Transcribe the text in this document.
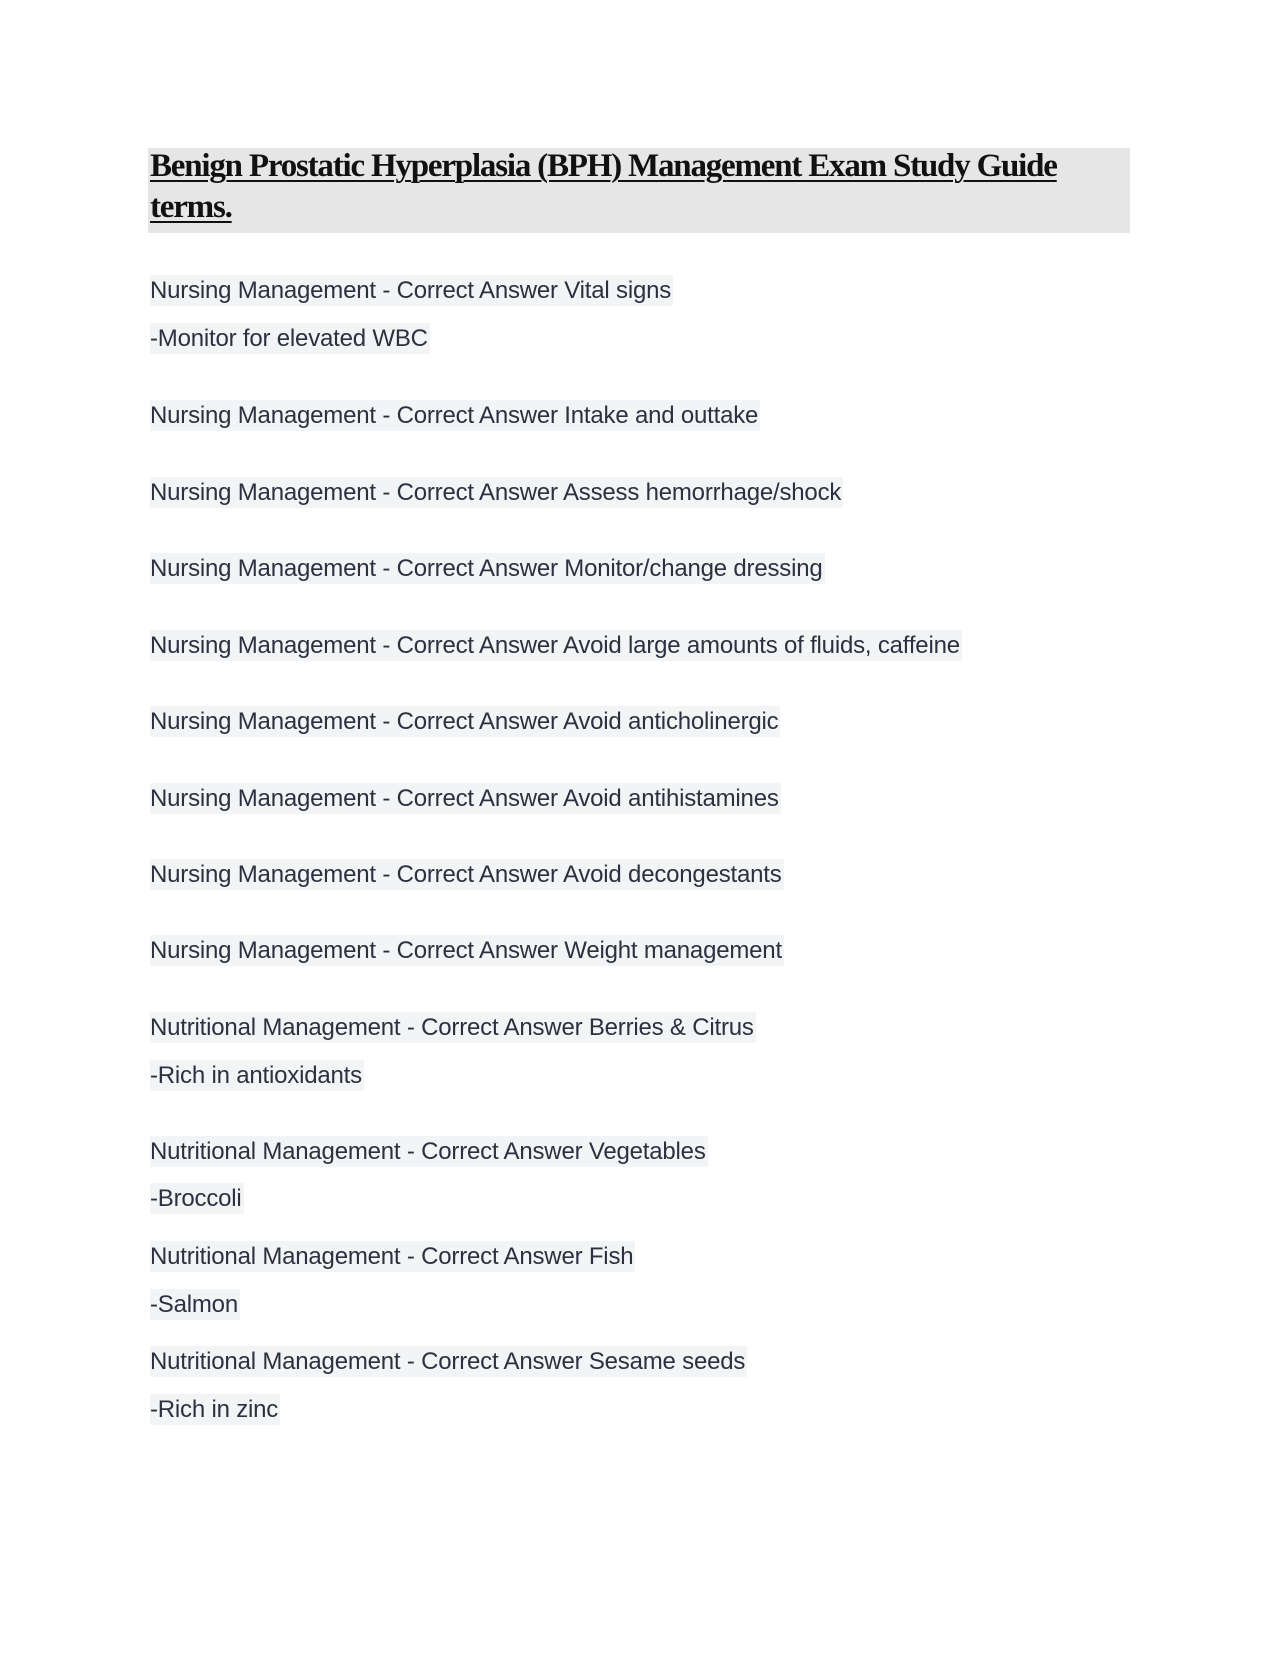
Benign Prostatic Hyperplasia (BPH) Management Exam Study Guide terms.
Nursing Management - Correct Answer Vital signs
-Monitor for elevated WBC
Nursing Management - Correct Answer Intake and outtake
Nursing Management - Correct Answer Assess hemorrhage/shock
Nursing Management - Correct Answer Monitor/change dressing
Nursing Management - Correct Answer Avoid large amounts of fluids, caffeine
Nursing Management - Correct Answer Avoid anticholinergic
Nursing Management - Correct Answer Avoid antihistamines
Nursing Management - Correct Answer Avoid decongestants
Nursing Management - Correct Answer Weight management
Nutritional Management - Correct Answer Berries & Citrus
-Rich in antioxidants
Nutritional Management - Correct Answer Vegetables
-Broccoli
Nutritional Management - Correct Answer Fish
-Salmon
Nutritional Management - Correct Answer Sesame seeds
-Rich in zinc
